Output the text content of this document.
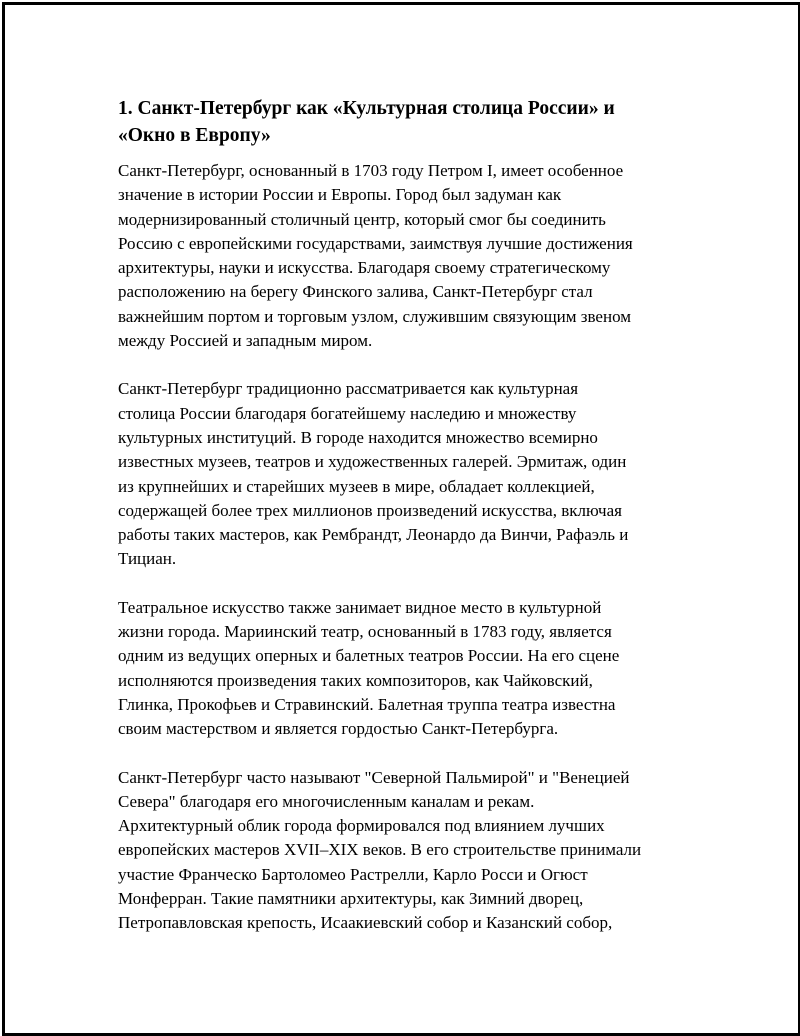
1. Санкт-Петербург как «Культурная столица России» и
«Окно в Европу»

Санкт-Петербург, основанный в 1703 году Петром I, имеет особенное
значение в истории России и Европы. Город был задуман как
модернизированный столичный центр, который смог бы соединить
Россию с европейскими государствами, заимствуя лучшие достижения
архитектуры, науки и искусства. Благодаря своему стратегическому
расположению на берегу Финского залива, Санкт-Петербург стал
важнейшим портом и торговым узлом, служившим связующим звеном
между Россией и западным миром.

Санкт-Петербург традиционно рассматривается как культурная
столица России благодаря богатейшему наследию и множеству
культурных институций. В городе находится множество всемирно
известных музеев, театров и художественных галерей. Эрмитаж, один
из крупнейших и старейших музеев в мире, обладает коллекцией,
содержащей более трех миллионов произведений искусства, включая
работы таких мастеров, как Рембрандт, Леонардо да Винчи, Рафаэль и
Тициан.

Театральное искусство также занимает видное место в культурной
жизни города. Мариинский театр, основанный в 1783 году, является
одним из ведущих оперных и балетных театров России. На его сцене
исполняются произведения таких композиторов, как Чайковский,
Глинка, Прокофьев и Стравинский. Балетная труппа театра известна
своим мастерством и является гордостью Санкт-Петербурга.

Санкт-Петербург часто называют "Северной Пальмирой" и "Венецией
Севера" благодаря его многочисленным каналам и рекам.
Архитектурный облик города формировался под влиянием лучших
европейских мастеров XVII–XIX веков. В его строительстве принимали
участие Франческо Бартоломео Растрелли, Карло Росси и Огюст
Монферран. Такие памятники архитектуры, как Зимний дворец,
Петропавловская крепость, Исаакиевский собор и Казанский собор,
